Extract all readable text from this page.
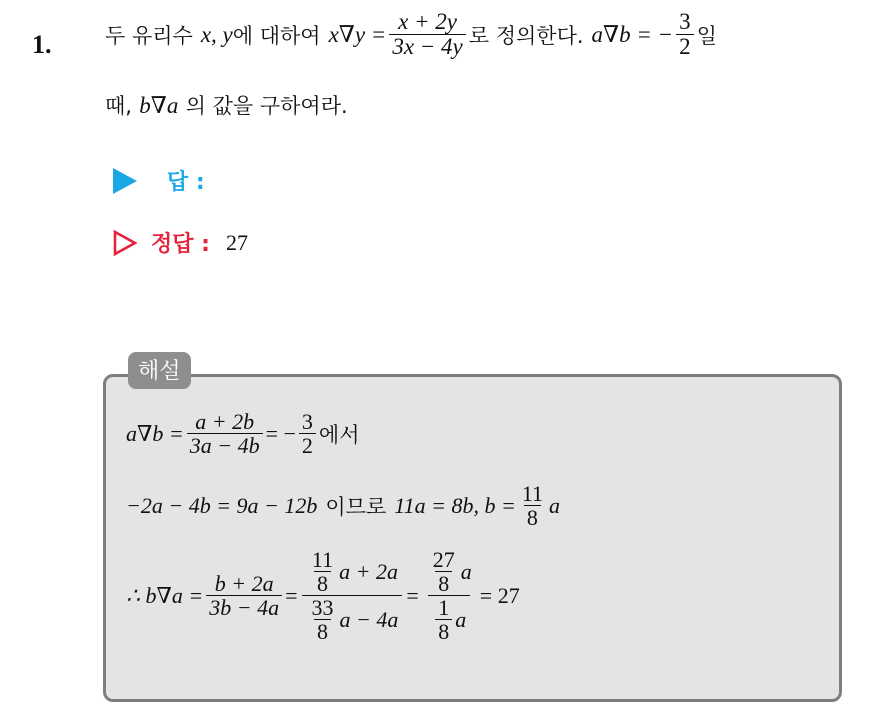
1.	두 유리수 x, y 에 대하여 $x\nabla y = \frac{x + 2y}{3x - 4y}$ 로 정의한다. a∇b = − $\frac{3}{2}$ 일
때, b∇a 의 값을 구하여라.
답 :
정답 : 27
해설
$a\nabla b = \frac{a + 2b}{3a - 4b}$ = − $\frac{3}{2}$ 에서
−2a − 4b = 9a − 12b 이므로 11a = 8b, $b = \frac{11}{8}$ a
∴ $b\nabla a = \frac{b + 2a}{3b - 4a} = \frac{\frac{11}{8} a + 2a}{\frac{33}{8} a - 4a} = \frac{\frac{27}{8} a}{\frac{1}{8} a} = 27$
